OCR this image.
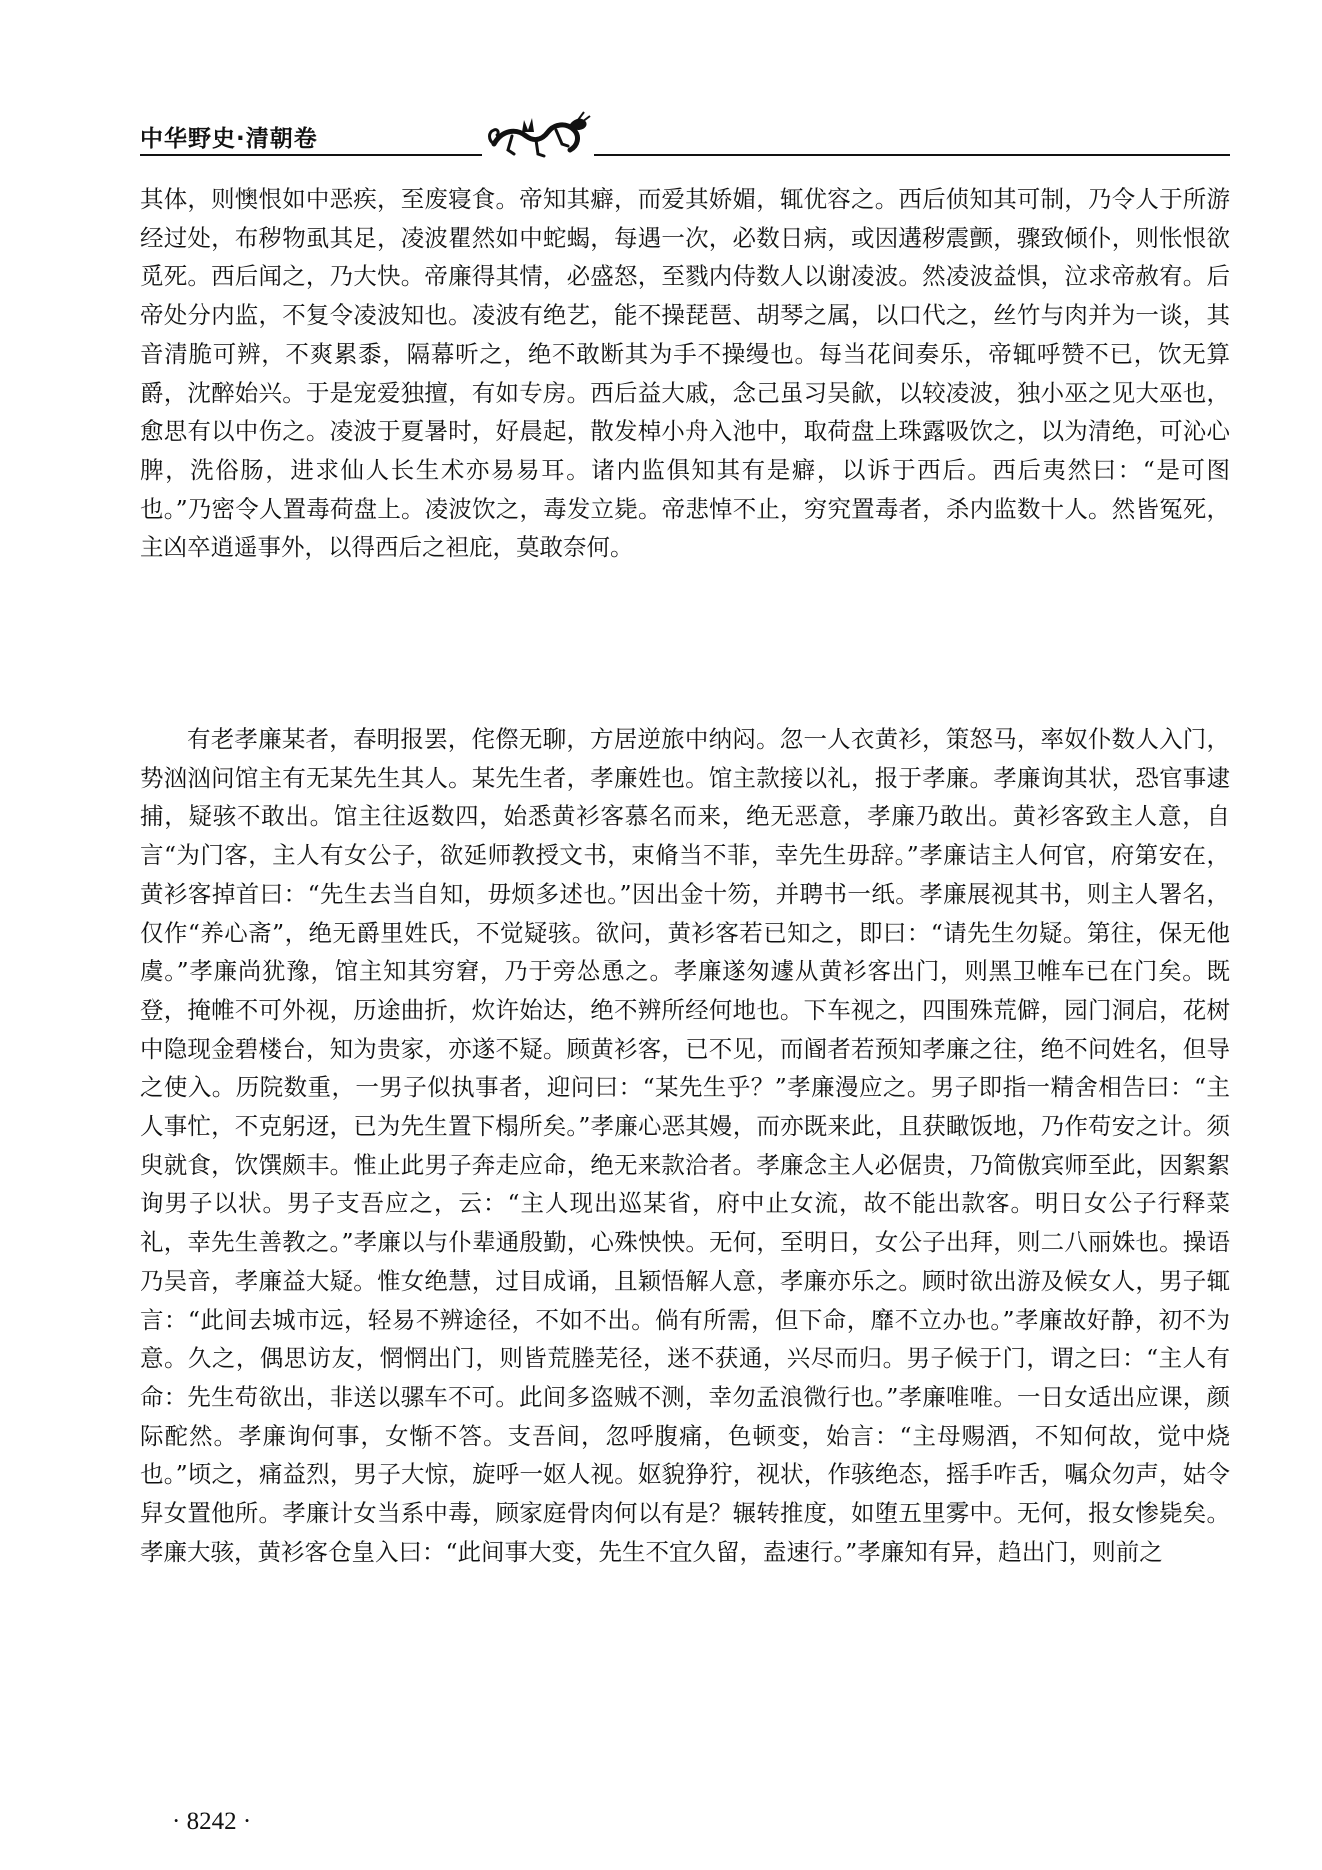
中华野史·清朝卷

其体，则懊恨如中恶疾，至废寝食。帝知其癖，而爱其娇媚，辄优容之。西后侦知其可制，乃令人于所游经过处，布秽物虱其足，凌波瞿然如中蛇蝎，每遇一次，必数日病，或因遘秽震颤，骤致倾仆，则怅恨欲觅死。西后闻之，乃大快。帝廉得其情，必盛怒，至戮内侍数人以谢凌波。然凌波益惧，泣求帝赦宥。后帝处分内监，不复令凌波知也。凌波有绝艺，能不操琵琶、胡琴之属，以口代之，丝竹与肉并为一谈，其音清脆可辨，不爽累黍，隔幕听之，绝不敢断其为手不操缦也。每当花间奏乐，帝辄呼赞不已，饮无算爵，沈醉始兴。于是宠爱独擅，有如专房。西后益大戚，念己虽习吴歈，以较凌波，独小巫之见大巫也，愈思有以中伤之。凌波于夏暑时，好晨起，散发棹小舟入池中，取荷盘上珠露吸饮之，以为清绝，可沁心脾，洗俗肠，进求仙人长生术亦易易耳。诸内监俱知其有是癖，以诉于西后。西后夷然曰：“是可图也。”乃密令人置毒荷盘上。凌波饮之，毒发立毙。帝悲悼不止，穷究置毒者，杀内监数十人。然皆冤死，主凶卒逍遥事外，以得西后之袒庇，莫敢奈何。

有老孝廉某者，春明报罢，侘傺无聊，方居逆旅中纳闷。忽一人衣黄衫，策怒马，率奴仆数人入门，势汹汹问馆主有无某先生其人。某先生者，孝廉姓也。馆主款接以礼，报于孝廉。孝廉询其状，恐官事逮捕，疑骇不敢出。馆主往返数四，始悉黄衫客慕名而来，绝无恶意，孝廉乃敢出。黄衫客致主人意，自言“为门客，主人有女公子，欲延师教授文书，束脩当不菲，幸先生毋辞。”孝廉诘主人何官，府第安在，黄衫客掉首曰：“先生去当自知，毋烦多述也。”因出金十笏，并聘书一纸。孝廉展视其书，则主人署名，仅作“养心斋”，绝无爵里姓氏，不觉疑骇。欲问，黄衫客若已知之，即曰：“请先生勿疑。第往，保无他虞。”孝廉尚犹豫，馆主知其穷窘，乃于旁怂恿之。孝廉遂匆遽从黄衫客出门，则黑卫帷车已在门矣。既登，掩帷不可外视，历途曲折，炊许始达，绝不辨所经何地也。下车视之，四围殊荒僻，园门洞启，花树中隐现金碧楼台，知为贵家，亦遂不疑。顾黄衫客，已不见，而阍者若预知孝廉之往，绝不问姓名，但导之使入。历院数重，一男子似执事者，迎问曰：“某先生乎？”孝廉漫应之。男子即指一精舍相告曰：“主人事忙，不克躬迓，已为先生置下榻所矣。”孝廉心恶其嫚，而亦既来此，且获瞰饭地，乃作苟安之计。须臾就食，饮馔颇丰。惟止此男子奔走应命，绝无来款洽者。孝廉念主人必倨贵，乃简傲宾师至此，因絮絮询男子以状。男子支吾应之，云：“主人现出巡某省，府中止女流，故不能出款客。明日女公子行释菜礼，幸先生善教之。”孝廉以与仆辈通殷勤，心殊怏怏。无何，至明日，女公子出拜，则二八丽姝也。操语乃吴音，孝廉益大疑。惟女绝慧，过目成诵，且颖悟解人意，孝廉亦乐之。顾时欲出游及候女人，男子辄言：“此间去城市远，轻易不辨途径，不如不出。倘有所需，但下命，靡不立办也。”孝廉故好静，初不为意。久之，偶思访友，惘惘出门，则皆荒塍芜径，迷不获通，兴尽而归。男子候于门，谓之曰：“主人有命：先生苟欲出，非送以骡车不可。此间多盗贼不测，幸勿孟浪微行也。”孝廉唯唯。一日女适出应课，颜际酡然。孝廉询何事，女惭不答。支吾间，忽呼腹痛，色顿变，始言：“主母赐酒，不知何故，觉中烧也。”顷之，痛益烈，男子大惊，旋呼一妪人视。妪貌狰狞，视状，作骇绝态，摇手咋舌，嘱众勿声，姑令舁女置他所。孝廉计女当系中毒，顾家庭骨肉何以有是？辗转推度，如堕五里雾中。无何，报女惨毙矣。孝廉大骇，黄衫客仓皇入曰：“此间事大变，先生不宜久留，盍速行。”孝廉知有异，趋出门，则前之

· 8242 ·
